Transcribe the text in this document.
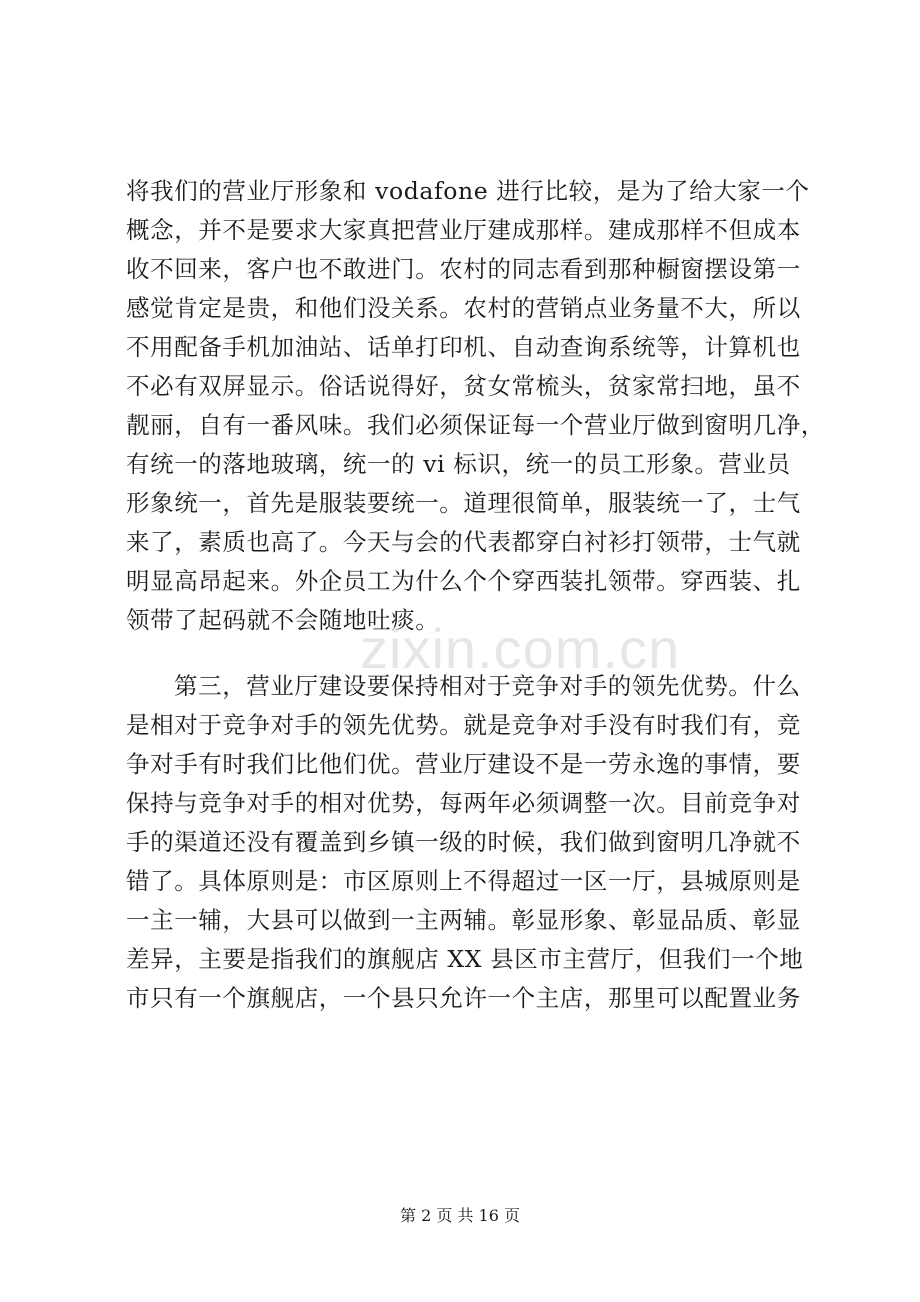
将我们的营业厅形象和 vodafone 进行比较，是为了给大家一个
概念，并不是要求大家真把营业厅建成那样。建成那样不但成本
收不回来，客户也不敢进门。农村的同志看到那种橱窗摆设第一
感觉肯定是贵，和他们没关系。农村的营销点业务量不大，所以
不用配备手机加油站、话单打印机、自动查询系统等，计算机也
不必有双屏显示。俗话说得好，贫女常梳头，贫家常扫地，虽不
靓丽，自有一番风味。我们必须保证每一个营业厅做到窗明几净，
有统一的落地玻璃，统一的 vi 标识，统一的员工形象。营业员
形象统一，首先是服装要统一。道理很简单，服装统一了，士气
来了，素质也高了。今天与会的代表都穿白衬衫打领带，士气就
明显高昂起来。外企员工为什么个个穿西装扎领带。穿西装、扎
领带了起码就不会随地吐痰。
第三，营业厅建设要保持相对于竞争对手的领先优势。什么
是相对于竞争对手的领先优势。就是竞争对手没有时我们有，竞
争对手有时我们比他们优。营业厅建设不是一劳永逸的事情，要
保持与竞争对手的相对优势，每两年必须调整一次。目前竞争对
手的渠道还没有覆盖到乡镇一级的时候，我们做到窗明几净就不
错了。具体原则是：市区原则上不得超过一区一厅，县城原则是
一主一辅，大县可以做到一主两辅。彰显形象、彰显品质、彰显
差异，主要是指我们的旗舰店 XX 县区市主营厅，但我们一个地
市只有一个旗舰店，一个县只允许一个主店，那里可以配置业务
zixin.com.cn
第 2 页 共 16 页
